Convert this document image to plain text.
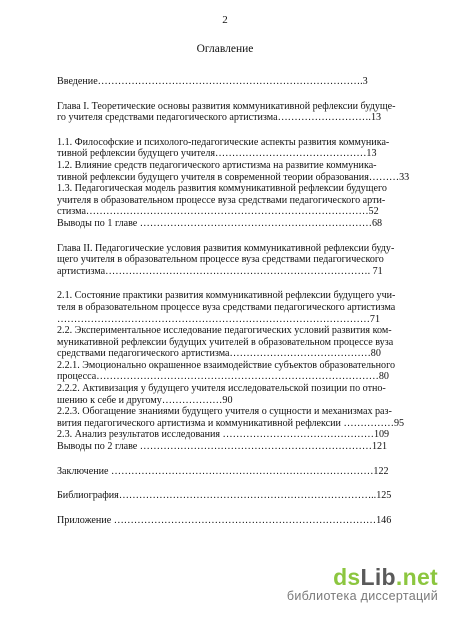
2
Оглавление
Введение…………………………………………………………………….3
Глава I. Теоретические основы развития коммуникативной рефлексии будуще-
го учителя средствами педагогического артистизма……………………….13
1.1. Философские и психолого-педагогические аспекты развития коммуника-
тивной рефлексии будущего учителя………………………………………13
1.2. Влияние средств педагогического артистизма на развитие коммуника-
тивной рефлексии будущего учителя в современной теории образования………33
1.3. Педагогическая модель развития коммуникативной рефлексии будущего
учителя в образовательном процессе вуза средствами педагогического арти-
стизма…………………………………………………………………………52
Выводы по 1 главе ……………………………………………………………68
Глава II. Педагогические условия развития коммуникативной рефлексии буду-
щего учителя в образовательном процессе вуза средствами педагогического
артистизма……………………………………………………………………. 71
2.1. Состояние практики развития коммуникативной рефлексии будущего учи-
теля в образовательном процессе вуза средствами педагогического артистизма
…………………………………………………………………………………71
2.2. Экспериментальное исследование педагогических условий развития ком-
муникативной рефлексии будущих учителей в образовательном процессе вуза
средствами педагогического артистизма……………………………………80
2.2.1. Эмоционально окрашенное взаимодействие субъектов образовательного
процесса…………………………………………………………………………80
2.2.2. Активизация у будущего учителя исследовательской позиции по отно-
шению к себе и другому………………90
2.2.3. Обогащение знаниями будущего учителя о сущности и механизмах раз-
вития педагогического артистизма и коммуникативной рефлексии ……………95
2.3. Анализ результатов исследования ………………………………………109
Выводы по 2 главе ……………………………………………………………121
Заключение ……………………………………………………………………122
Библиография…………………………………………………………………..125
Приложение ……………………………………………………………………146
dsLib.net
библиотека диссертаций
